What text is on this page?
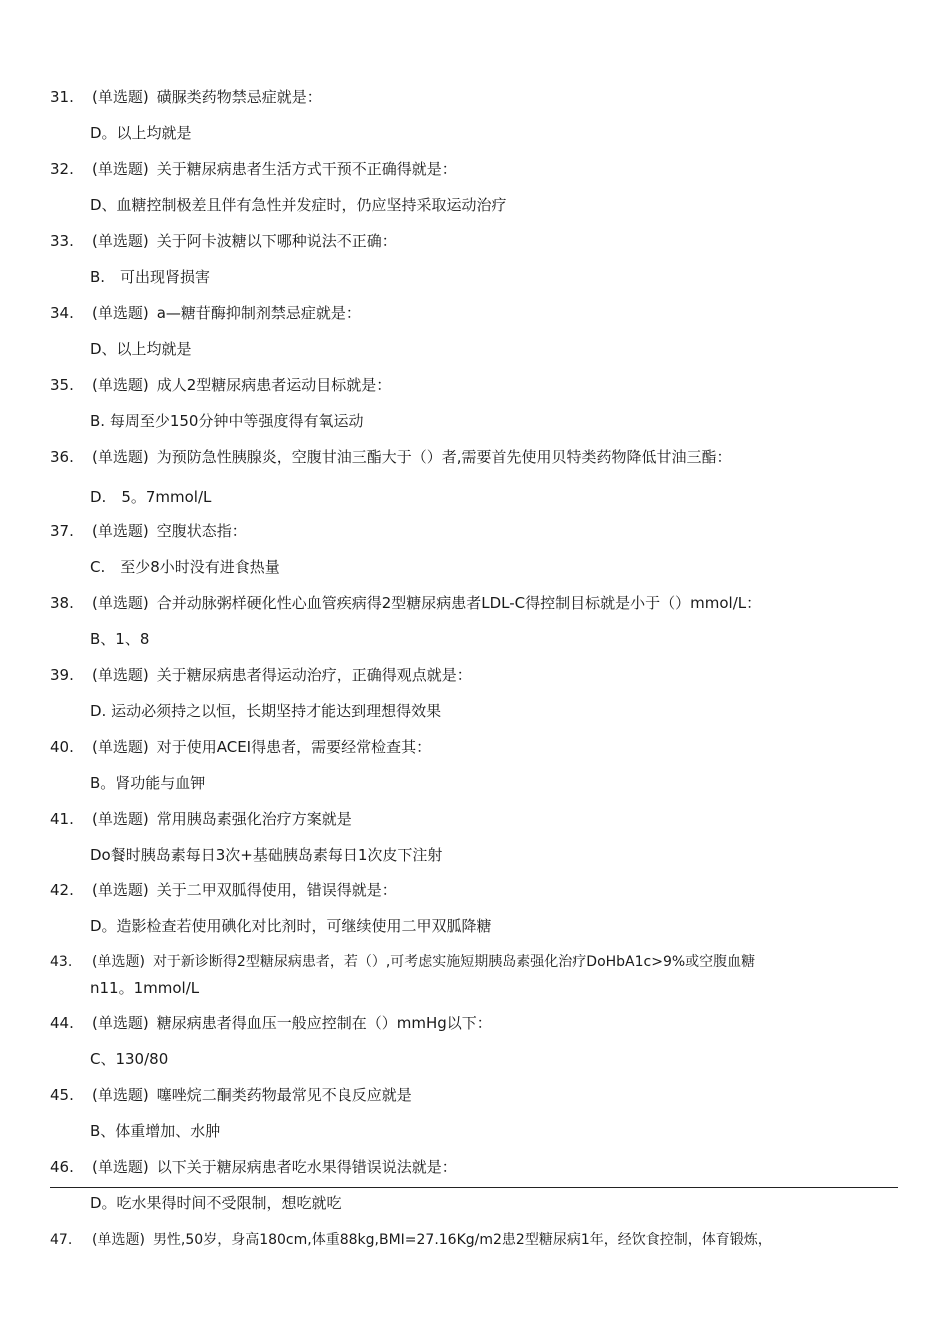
31. (单选题) 磺脲类药物禁忌症就是：
D。以上均就是
32. (单选题) 关于糖尿病患者生活方式干预不正确得就是：
D、血糖控制极差且伴有急性并发症时，仍应坚持采取运动治疗
33. (单选题) 关于阿卡波糖以下哪种说法不正确：
B.　可出现肾损害
34. (单选题) a—糖苷酶抑制剂禁忌症就是：
D、以上均就是
35. (单选题) 成人2型糖尿病患者运动目标就是：
B. 每周至少150分钟中等强度得有氧运动
36. (单选题) 为预防急性胰腺炎，空腹甘油三酯大于（）者,需要首先使用贝特类药物降低甘油三酯：
D.　5。7mmol/L
37. (单选题) 空腹状态指：
C.　至少8小时没有进食热量
38. (单选题) 合并动脉粥样硬化性心血管疾病得2型糖尿病患者LDL-C得控制目标就是小于（）mmol/L：
B、1、8
39. (单选题) 关于糖尿病患者得运动治疗，正确得观点就是：
D. 运动必须持之以恒，长期坚持才能达到理想得效果
40. (单选题) 对于使用ACEI得患者，需要经常检查其：
B。肾功能与血钾
41. (单选题) 常用胰岛素强化治疗方案就是
Do餐时胰岛素每日3次+基础胰岛素每日1次皮下注射
42. (单选题) 关于二甲双胍得使用，错误得就是：
D。造影检查若使用碘化对比剂时，可继续使用二甲双胍降糖
43. (单选题) 对于新诊断得2型糖尿病患者，若（）,可考虑实施短期胰岛素强化治疗DoHbA1c>9%或空腹血糖
n11。1mmol/L
44. (单选题) 糖尿病患者得血压一般应控制在（）mmHg以下：
C、130/80
45. (单选题) 噻唑烷二酮类药物最常见不良反应就是
B、体重增加、水肿
46. (单选题) 以下关于糖尿病患者吃水果得错误说法就是：
D。吃水果得时间不受限制，想吃就吃
47. (单选题) 男性,50岁，身高180cm,体重88kg,BMI=27.16Kg/m2患2型糖尿病1年，经饮食控制，体育锻炼，
